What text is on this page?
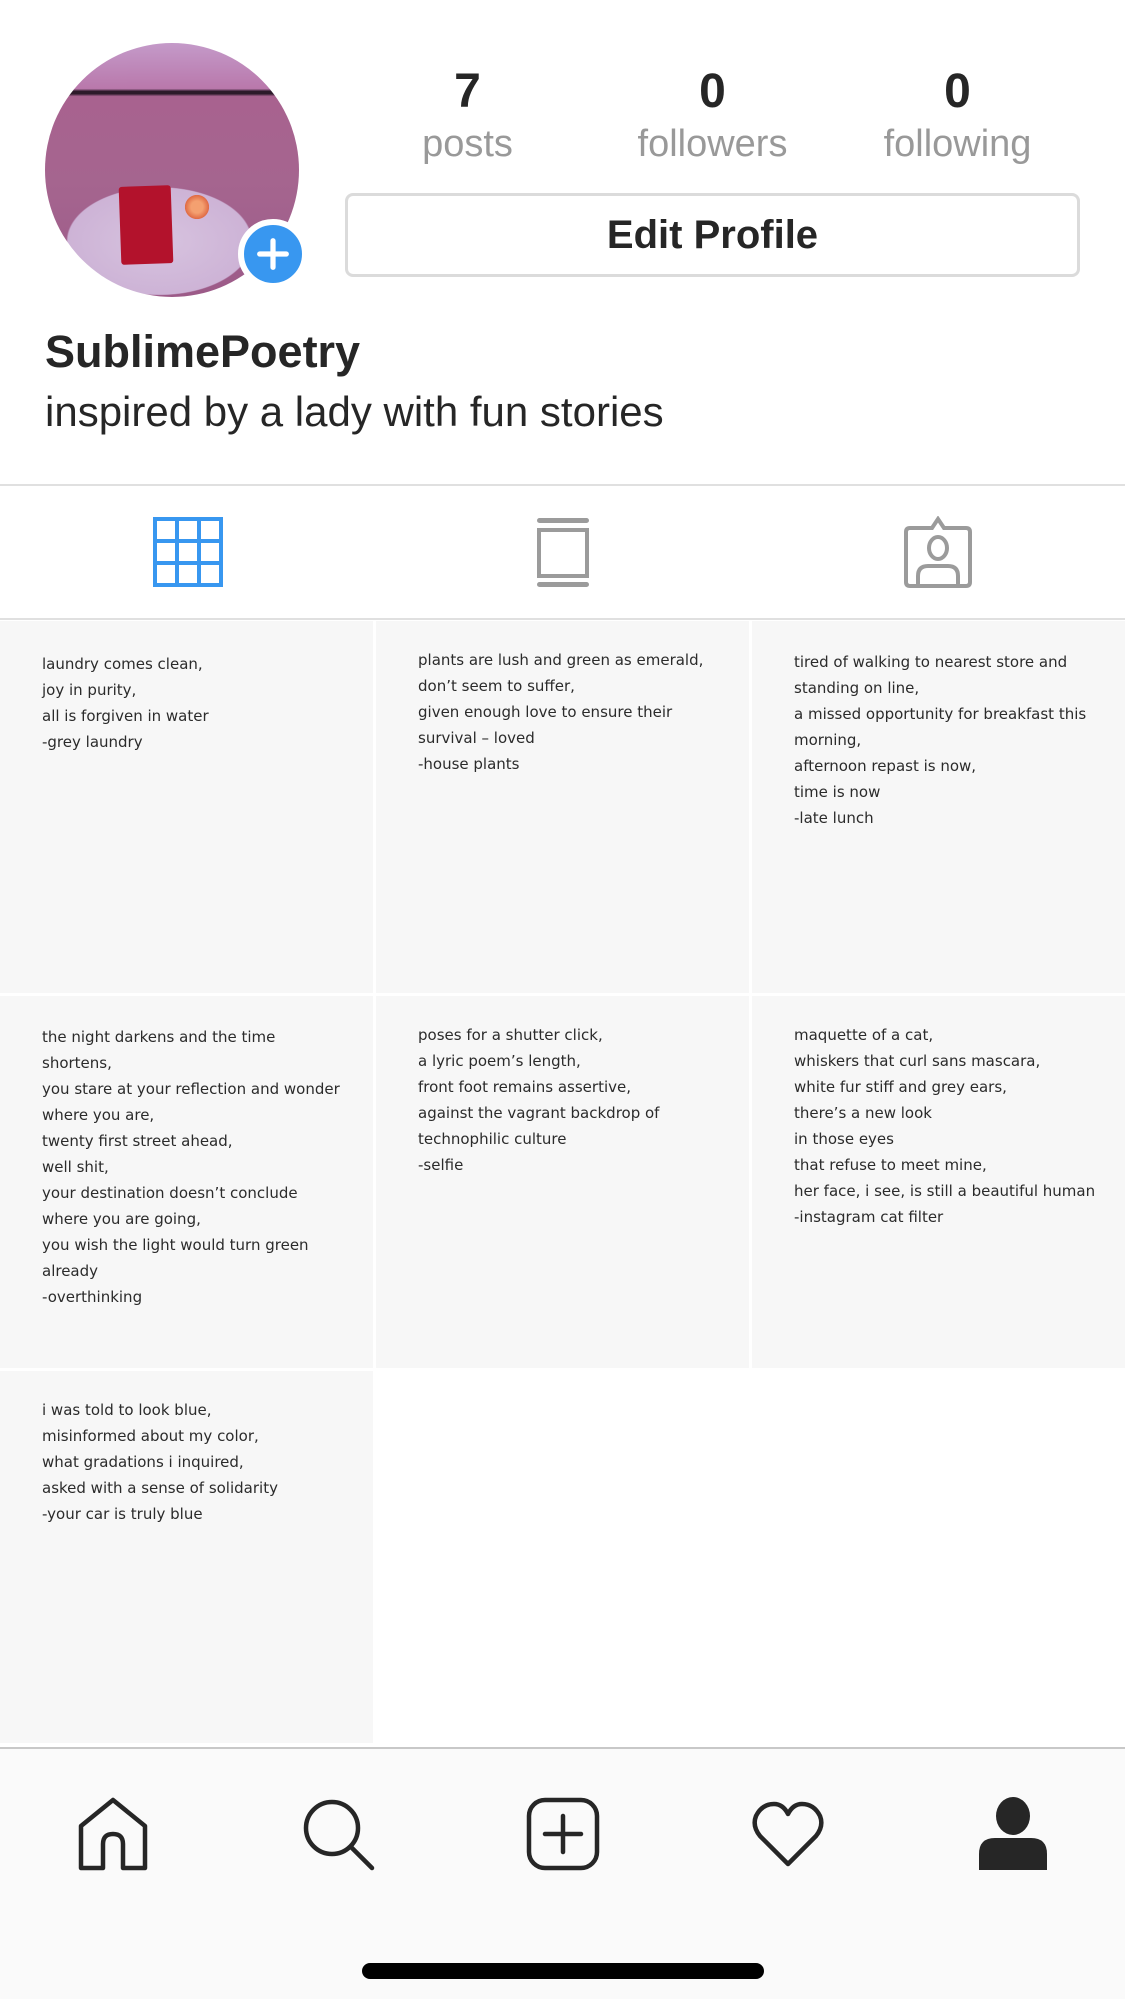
7
posts
0
followers
0
following
Edit Profile
SublimePoetry
inspired by a lady with fun stories
laundry comes clean,
joy in purity,
all is forgiven in water
-grey laundry
plants are lush and green as emerald,
don’t seem to suffer,
given enough love to ensure their
survival – loved
-house plants
tired of walking to nearest store and
standing on line,
a missed opportunity for breakfast this
morning,
afternoon repast is now,
time is now
-late lunch
the night darkens and the time
shortens,
you stare at your reflection and wonder
where you are,
twenty first street ahead,
well shit,
your destination doesn’t conclude
where you are going,
you wish the light would turn green
already
-overthinking
poses for a shutter click,
a lyric poem’s length,
front foot remains assertive,
against the vagrant backdrop of
technophilic culture
-selfie
maquette of a cat,
whiskers that curl sans mascara,
white fur stiff and grey ears,
there’s a new look
in those eyes
that refuse to meet mine,
her face, i see, is still a beautiful human
-instagram cat filter
i was told to look blue,
misinformed about my color,
what gradations i inquired,
asked with a sense of solidarity
-your car is truly blue
